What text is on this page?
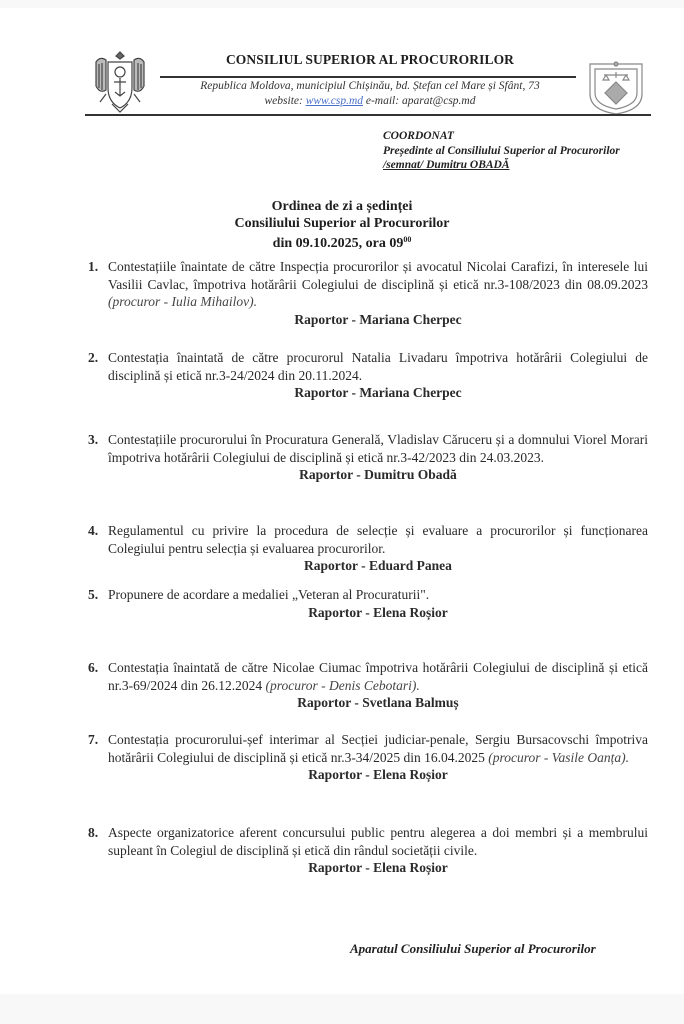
CONSILIUL SUPERIOR AL PROCURORILOR
Republica Moldova, municipiul Chișinău, bd. Ștefan cel Mare și Sfânt, 73
website: www.csp.md e-mail: aparat@csp.md
COORDONAT
Președinte al Consiliului Superior al Procurorilor
/semnat/ Dumitru OBADĂ
Ordinea de zi a ședinței
Consiliului Superior al Procurorilor
din 09.10.2025, ora $09^{00}$
1. Contestațiile înaintate de către Inspecția procurorilor și avocatul Nicolai Carafizi, în interesele lui Vasilii Cavlac, împotriva hotărârii Colegiului de disciplină și etică nr.3-108/2023 din 08.09.2023 (procuror - Iulia Mihailov).
Raportor - Mariana Cherpec
2. Contestația înaintată de către procurorul Natalia Livadaru împotriva hotărârii Colegiului de disciplină și etică nr.3-24/2024 din 20.11.2024.
Raportor - Mariana Cherpec
3. Contestațiile procurorului în Procuratura Generală, Vladislav Căruceru și a domnului Viorel Morari împotriva hotărârii Colegiului de disciplină și etică nr.3-42/2023 din 24.03.2023.
Raportor - Dumitru Obadă
4. Regulamentul cu privire la procedura de selecție și evaluare a procurorilor și funcționarea Colegiului pentru selecția și evaluarea procurorilor.
Raportor - Eduard Panea
5. Propunere de acordare a medaliei „Veteran al Procuraturii".
Raportor - Elena Roșior
6. Contestația înaintată de către Nicolae Ciumac împotriva hotărârii Colegiului de disciplină și etică nr.3-69/2024 din 26.12.2024 (procuror - Denis Cebotari).
Raportor - Svetlana Balmuș
7. Contestația procurorului-șef interimar al Secției judiciar-penale, Sergiu Bursacovschi împotriva hotărârii Colegiului de disciplină și etică nr.3-34/2025 din 16.04.2025 (procuror - Vasile Oanța).
Raportor - Elena Roșior
8. Aspecte organizatorice aferent concursului public pentru alegerea a doi membri și a membrului supleant în Colegiul de disciplină și etică din rândul societății civile.
Raportor - Elena Roșior
Aparatul Consiliului Superior al Procurorilor
